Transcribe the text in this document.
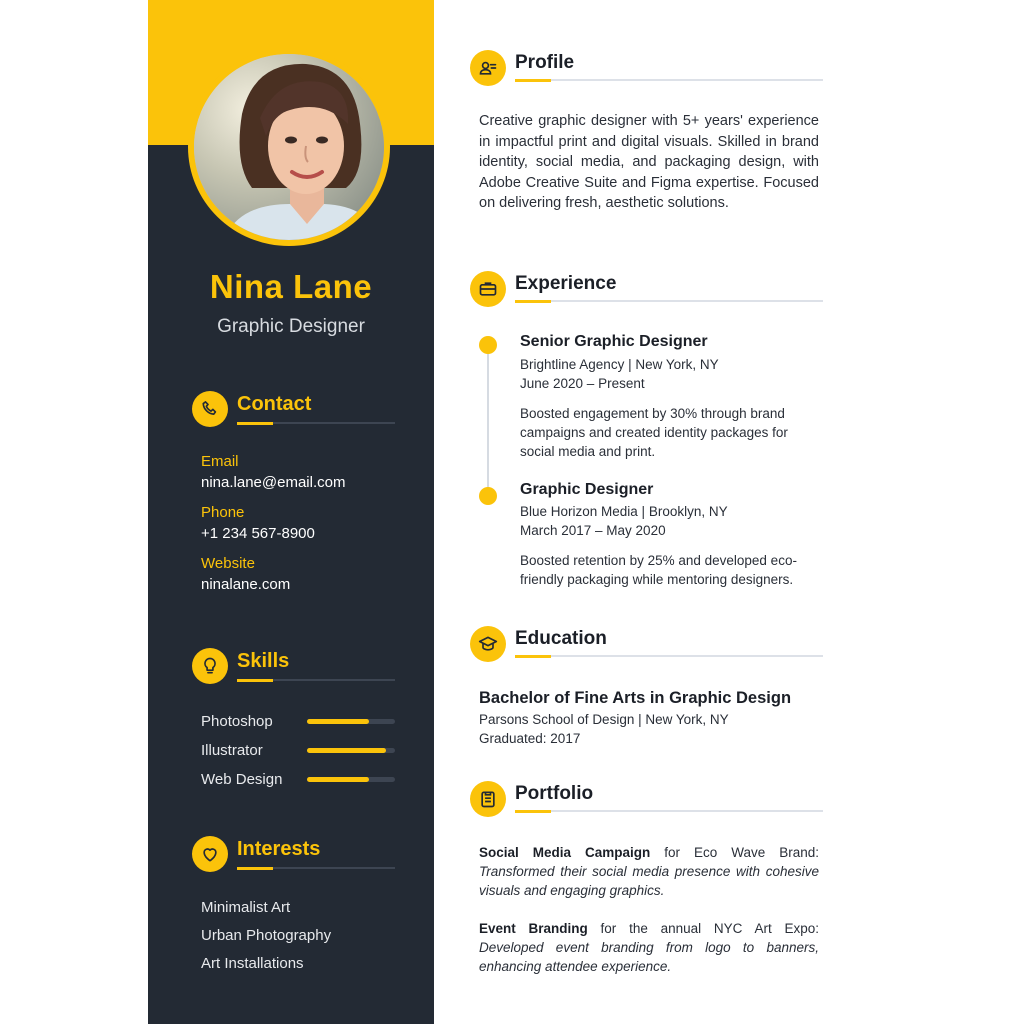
Nina Lane
Graphic Designer
Contact
Email
nina.lane@email.com
Phone
+1 234 567-8900
Website
ninalane.com
Skills
Photoshop
Illustrator
Web Design
Interests
Minimalist Art
Urban Photography
Art Installations
Profile
Creative graphic designer with 5+ years' experience in impactful print and digital visuals. Skilled in brand identity, social media, and packaging design, with Adobe Creative Suite and Figma expertise. Focused on delivering fresh, aesthetic solutions.
Experience
Senior Graphic Designer
Brightline Agency | New York, NY
June 2020 – Present
Boosted engagement by 30% through brand campaigns and created identity packages for social media and print.
Graphic Designer
Blue Horizon Media | Brooklyn, NY
March 2017 – May 2020
Boosted retention by 25% and developed eco-friendly packaging while mentoring designers.
Education
Bachelor of Fine Arts in Graphic Design
Parsons School of Design | New York, NY
Graduated: 2017
Portfolio
Social Media Campaign for Eco Wave Brand: Transformed their social media presence with cohesive visuals and engaging graphics.
Event Branding for the annual NYC Art Expo: Developed event branding from logo to banners, enhancing attendee experience.
